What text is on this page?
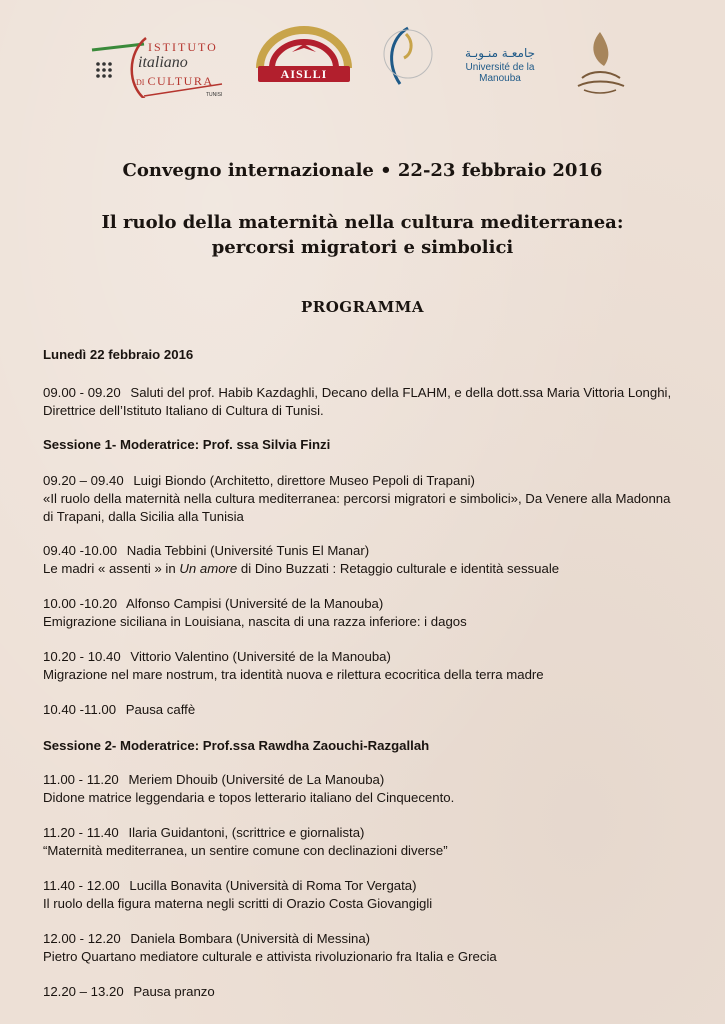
ISTITUTO
italiano
DI CULTURA
TUNISI
AISLLI

جامعـة منـوبـة
Université de la Manouba
Convegno internazionale • 22-23 febbraio 2016
Il ruolo della maternità nella cultura mediterranea:
percorsi migratori e simbolici
PROGRAMMA

Lunedì 22 febbraio 2016

09.00 - 09.20 Saluti del prof. Habib Kazdaghli, Decano della FLAHM, e della dott.ssa Maria Vittoria Longhi,

Direttrice dell’Istituto Italiano di Cultura di Tunisi.

Sessione 1- Moderatrice: Prof. ssa Silvia Finzi

09.20 – 09.40 Luigi Biondo (Architetto, direttore Museo Pepoli di Trapani)

«Il ruolo della maternità nella cultura mediterranea: percorsi migratori e simbolici», Da Venere alla Madonna

di Trapani, dalla Sicilia alla Tunisia

09.40 -10.00 Nadia Tebbini (Université Tunis El Manar)

Le madri « assenti » in Un amore di Dino Buzzati : Retaggio culturale e identità sessuale

10.00 -10.20 Alfonso Campisi (Université de la Manouba)

Emigrazione siciliana in Louisiana, nascita di una razza inferiore: i dagos

10.20 - 10.40 Vittorio Valentino (Université de la Manouba)

Migrazione nel mare nostrum, tra identità nuova e rilettura ecocritica della terra madre

10.40 -11.00 Pausa caffè

Sessione 2- Moderatrice: Prof.ssa Rawdha Zaouchi-Razgallah

11.00 - 11.20 Meriem Dhouib (Université de La Manouba)

Didone matrice leggendaria e topos letterario italiano del Cinquecento.

11.20 - 11.40 Ilaria Guidantoni, (scrittrice e giornalista)

“Maternità mediterranea, un sentire comune con declinazioni diverse”

11.40 - 12.00 Lucilla Bonavita (Università di Roma Tor Vergata)

Il ruolo della figura materna negli scritti di Orazio Costa Giovangigli

12.00 - 12.20 Daniela Bombara (Università di Messina)

Pietro Quartano mediatore culturale e attivista rivoluzionario fra Italia e Grecia

12.20 – 13.20 Pausa pranzo
